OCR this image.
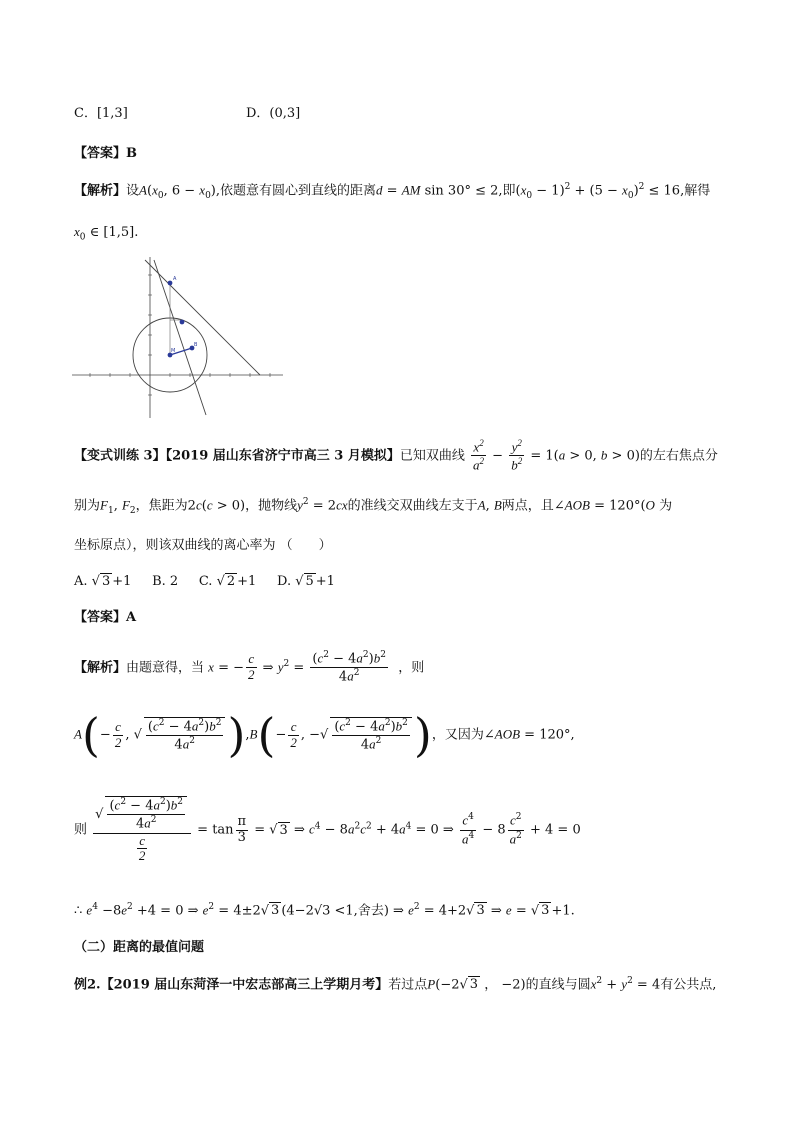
C．[1,3]	D．(0,3]
【答案】B
【解析】设$A(x_0$, $6 - x_0$),依题意有圆心到直线的距离d = AM sin 30° ≤ 2,即$(x_0 - 1)^2 + (5 - x_0)^2 \le 16$,解得
$x_0$ ∈ [1,5].
A
M
B
【变式训练 3】【2019 届山东省济宁市高三 3 月模拟】已知双曲线 $\frac{x^2}{a^2} - \frac{y^2}{b^2} = 1(a > 0$, b > 0)的左右焦点分
别为$F_1$, $F_2$，焦距为2c(c > 0)，抛物线$y^2 = 2cx$的准线交双曲线左支于A, B两点，且∠AOB = 120°(O 为
坐标原点），则该双曲线的离心率为 （　　）
A. √ 3 +1     B. 2 C. √ 2 +1     D. √ 5 +1
【答案】A
【解析】由题意得，当 x = − $\frac{c}{2}$ ⇒ $y^2 = \frac{(c^2 - 4a^2)b^2}{4a^2}$ ，则
$A(- \frac{c}{2}$ , √ $\frac{(c^2 - 4a^2)b^2}{4a^2} ),B(- \frac{c}{2}$ , −√ $\frac{(c^2 - 4a^2)b^2}{4a^2}$ )，又因为∠AOB = 120°,
则 $\frac{√ \frac{(c^2 - 4a^2)b^2}{4a^2}}{\frac{c}{2}} = \tan \frac{\pi}{3}$ = √ 3 ⇒ $c^4 - 8a^2c^2 + 4a^4 = 0$ ⇒ $\frac{c^4}{a^4} - 8 \frac{c^2}{a^2} + 4 = 0$
∴ $e^4 -8e^2 +4 = 0$ ⇒ $e^2 = 4\pm 2√$ 3 (4−2√3 <1,舍去) ⇒ $e^2 = 4+2√$ 3 ⇒ e = √ 3 +1.
（二）距离的最值问题
例2.【2019 届山东菏泽一中宏志部高三上学期月考】若过点P(−2√ 3 ， −2)的直线与圆$x^2 + y^2 = 4$有公共点,
